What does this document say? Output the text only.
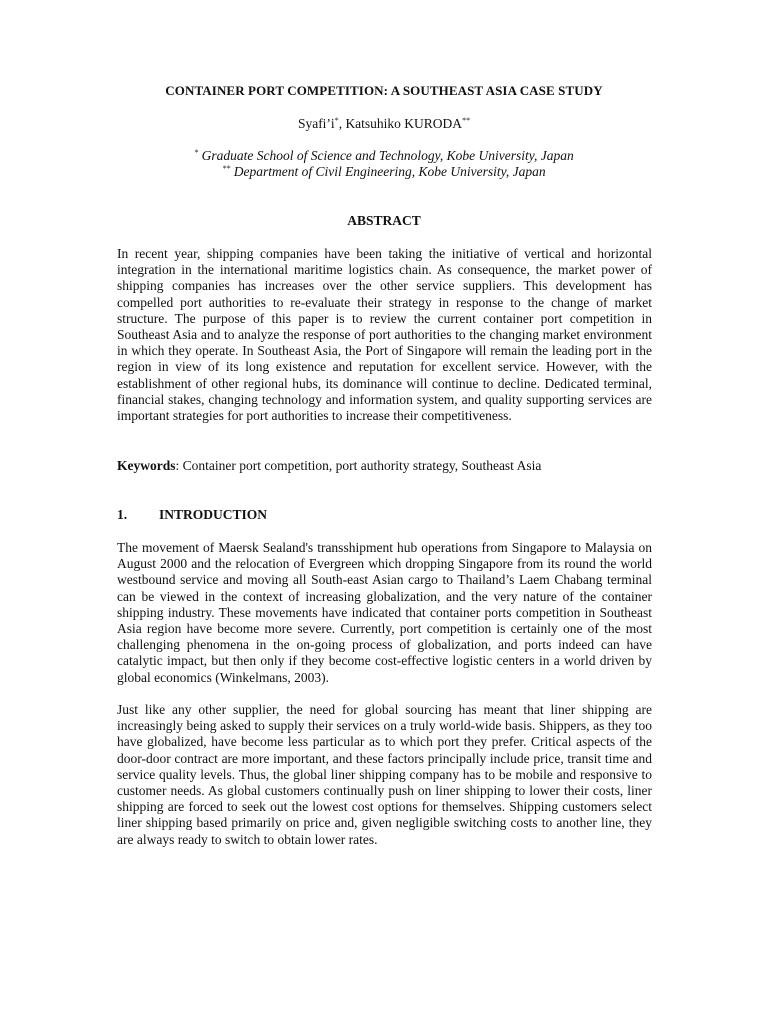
CONTAINER PORT COMPETITION: A SOUTHEAST ASIA CASE STUDY
Syafi’i*, Katsuhiko KURODA**
* Graduate School of Science and Technology, Kobe University, Japan
** Department of Civil Engineering, Kobe University, Japan
ABSTRACT
In recent year, shipping companies have been taking the initiative of vertical and horizontal integration in the international maritime logistics chain. As consequence, the market power of shipping companies has increases over the other service suppliers. This development has compelled port authorities to re-evaluate their strategy in response to the change of market structure. The purpose of this paper is to review the current container port competition in Southeast Asia and to analyze the response of port authorities to the changing market environment in which they operate. In Southeast Asia, the Port of Singapore will remain the leading port in the region in view of its long existence and reputation for excellent service. However, with the establishment of other regional hubs, its dominance will continue to decline. Dedicated terminal, financial stakes, changing technology and information system, and quality supporting services are important strategies for port authorities to increase their competitiveness.
Keywords: Container port competition, port authority strategy, Southeast Asia
1. INTRODUCTION
The movement of Maersk Sealand's transshipment hub operations from Singapore to Malaysia on August 2000 and the relocation of Evergreen which dropping Singapore from its round the world westbound service and moving all South-east Asian cargo to Thailand’s Laem Chabang terminal can be viewed in the context of increasing globalization, and the very nature of the container shipping industry. These movements have indicated that container ports competition in Southeast Asia region have become more severe. Currently, port competition is certainly one of the most challenging phenomena in the on-going process of globalization, and ports indeed can have catalytic impact, but then only if they become cost-effective logistic centers in a world driven by global economics (Winkelmans, 2003).
Just like any other supplier, the need for global sourcing has meant that liner shipping are increasingly being asked to supply their services on a truly world-wide basis. Shippers, as they too have globalized, have become less particular as to which port they prefer. Critical aspects of the door-door contract are more important, and these factors principally include price, transit time and service quality levels. Thus, the global liner shipping company has to be mobile and responsive to customer needs. As global customers continually push on liner shipping to lower their costs, liner shipping are forced to seek out the lowest cost options for themselves. Shipping customers select liner shipping based primarily on price and, given negligible switching costs to another line, they are always ready to switch to obtain lower rates.
